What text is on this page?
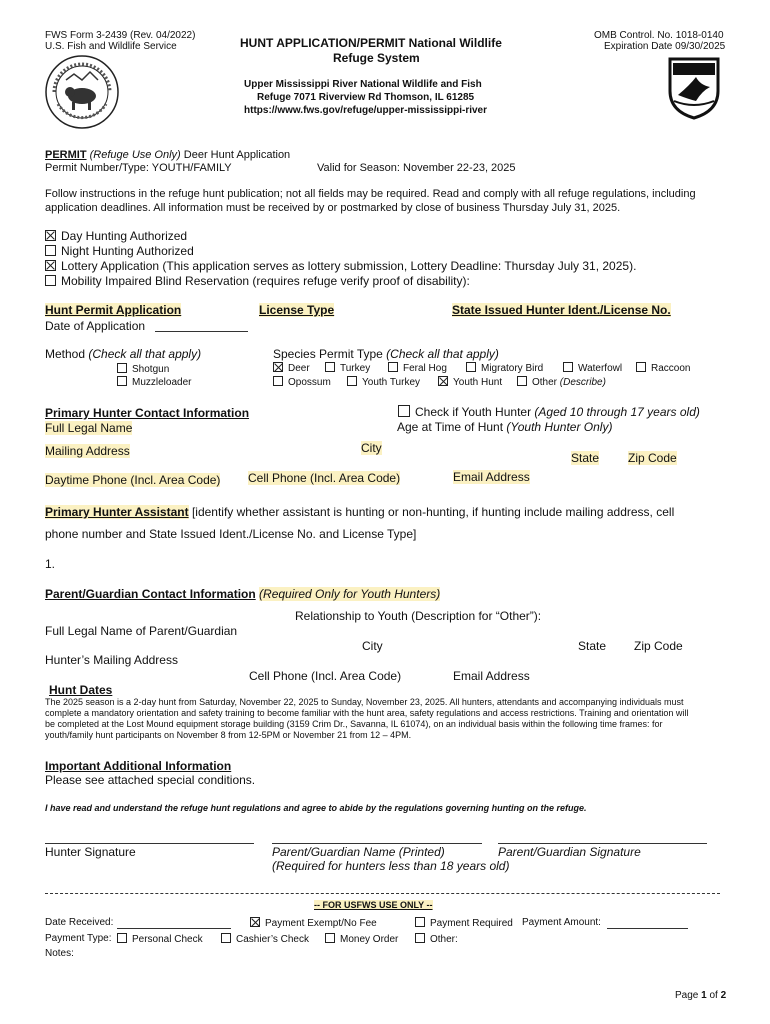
FWS Form 3-2439 (Rev. 04/2022)
U.S. Fish and Wildlife Service	HUNT APPLICATION/PERMIT National Wildlife
Refuge System
Upper Mississippi River National Wildlife and Fish
Refuge 7071 Riverview Rd Thomson, IL 61285
https://www.fws.gov/refuge/upper-mississippi-river
OMB Control. No. 1018-0140
Expiration Date 09/30/2025
PERMIT (Refuge Use Only) Deer Hunt Application
Permit Number/Type: YOUTH/FAMILY	Valid for Season: November 22-23, 2025
Follow instructions in the refuge hunt publication; not all fields may be required. Read and comply with all refuge regulations, including application deadlines. All information must be received by or postmarked by close of business Thursday July 31, 2025.
Day Hunting Authorized
Night Hunting Authorized
Lottery Application (This application serves as lottery submission, Lottery Deadline: Thursday July 31, 2025).
Mobility Impaired Blind Reservation (requires refuge verify proof of disability):
Hunt Permit Application	License Type	State Issued Hunter Ident./License No.
Date of Application
Method (Check all that apply)
Shotgun
Muzzleloader
Species Permit Type (Check all that apply)
Deer	Turkey	Feral Hog	Migratory Bird	Waterfowl	Raccoon
Opossum	Youth Turkey	Youth Hunt	Other (Describe)
Primary Hunter Contact Information	Check if Youth Hunter (Aged 10 through 17 years old)
Age at Time of Hunt (Youth Hunter Only)
Full Legal Name
Mailing Address	City
State Zip Code
Daytime Phone (Incl. Area Code) Cell Phone (Incl. Area Code)	Email Address
Primary Hunter Assistant [identify whether assistant is hunting or non-hunting, if hunting include mailing address, cell
phone number and State Issued Ident./License No. and License Type]
1.
Parent/Guardian Contact Information (Required Only for Youth Hunters)
Relationship to Youth (Description for “Other”):
Full Legal Name of Parent/Guardian
City	State Zip Code
Hunter’s Mailing Address
Cell Phone (Incl. Area Code)	Email Address
Hunt Dates
The 2025 season is a 2-day hunt from Saturday, November 22, 2025 to Sunday, November 23, 2025. All hunters, attendants and accompanying individuals must complete a mandatory orientation and safety training to become familiar with the hunt area, safety regulations and access restrictions. Training and orientation will be completed at the Lost Mound equipment storage building (3159 Crim Dr., Savanna, IL 61074), on an individual basis within the following time frames: for youth/family hunt participants on November 8 from 12-5PM or November 21 from 12 – 4PM.
Important Additional Information
Please see attached special conditions.
I have read and understand the refuge hunt regulations and agree to abide by the regulations governing hunting on the refuge.
Hunter Signature	Parent/Guardian Name (Printed)	Parent/Guardian Signature
(Required for hunters less than 18 years old)
-- FOR USFWS USE ONLY --
Date Received:	Payment Exempt/No Fee	Payment Required Payment Amount:
Payment Type:	Personal Check	Cashier’s Check	Money Order	Other:
Notes:
Page 1 of 2
